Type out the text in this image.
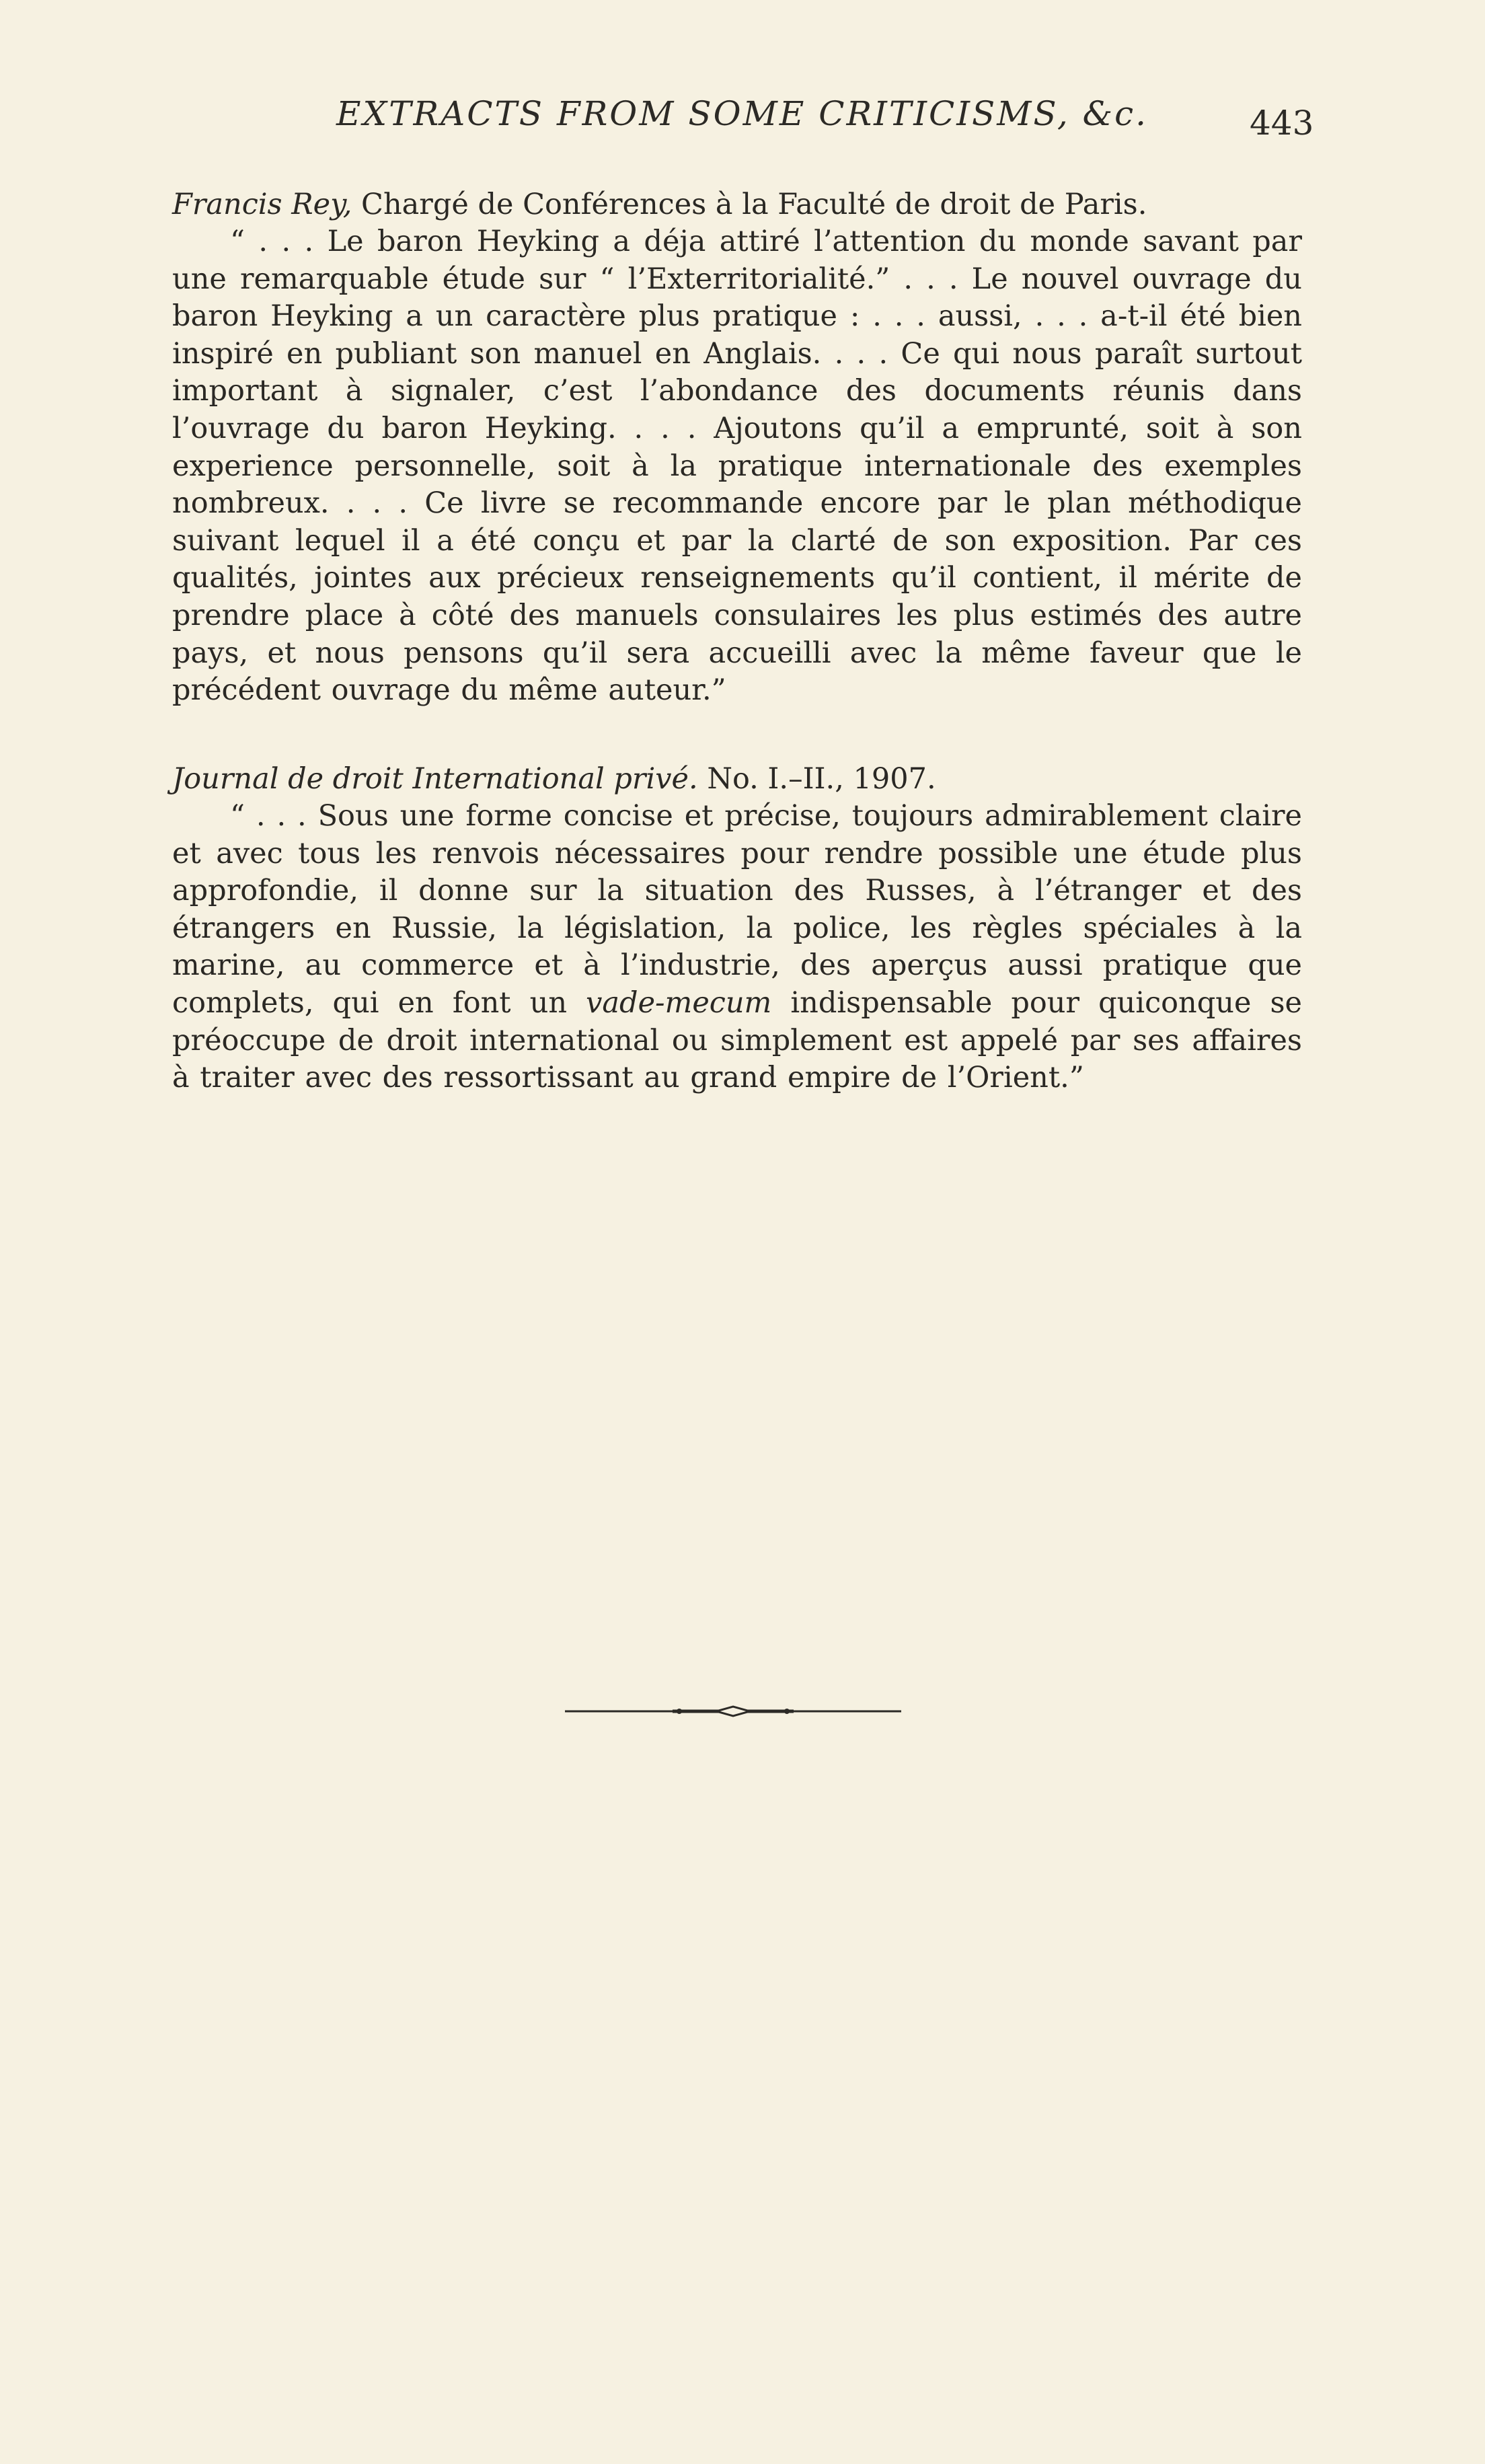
EXTRACTS FROM SOME CRITICISMS, &c.	443

Francis Rey, Chargé de Conférences à la Faculté de droit de Paris.

“ . . . Le baron Heyking a déja attiré l’attention du monde savant par une remarquable étude sur “ l’Exterritorialité.” . . . Le nouvel ouvrage du baron Heyking a un caractère plus pratique : . . . aussi, . . . a-t-il été bien inspiré en publiant son manuel en Anglais. . . . Ce qui nous paraît surtout important à signaler, c’est l’abondance des documents réunis dans l’ouvrage du baron Heyking. . . . Ajoutons qu’il a emprunté, soit à son experience personnelle, soit à la pratique internationale des exemples nombreux. . . . Ce livre se recommande encore par le plan méthodique suivant lequel il a été conçu et par la clarté de son exposition. Par ces qualités, jointes aux précieux renseignements qu’il contient, il mérite de prendre place à côté des manuels consulaires les plus estimés des autre pays, et nous pensons qu’il sera accueilli avec la même faveur que le précédent ouvrage du même auteur.”

Journal de droit International privé. No. I.–II., 1907.

“ . . . Sous une forme concise et précise, toujours admirablement claire et avec tous les renvois nécessaires pour rendre possible une étude plus approfondie, il donne sur la situation des Russes, à l’étranger et des étrangers en Russie, la législation, la police, les règles spéciales à la marine, au commerce et à l’industrie, des aperçus aussi pratique que complets, qui en font un vade-mecum indispensable pour quiconque se préoccupe de droit international ou simplement est appelé par ses affaires à traiter avec des ressortissant au grand empire de l’Orient.”
